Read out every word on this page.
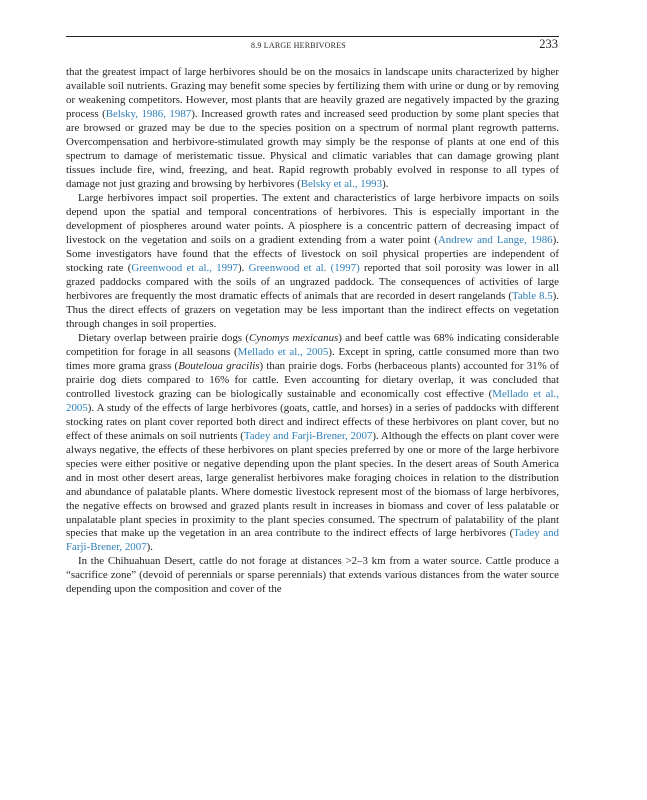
8.9 LARGE HERBIVORES	233

that the greatest impact of large herbivores should be on the mosaics in landscape units characterized by higher available soil nutrients. Grazing may benefit some species by fertilizing them with urine or dung or by removing or weakening competitors. However, most plants that are heavily grazed are negatively impacted by the grazing process (Belsky, 1986, 1987). Increased growth rates and increased seed production by some plant species that are browsed or grazed may be due to the species position on a spectrum of normal plant regrowth patterns. Overcompensation and herbivore-stimulated growth may simply be the response of plants at one end of this spectrum to damage of meristematic tissue. Physical and climatic variables that can damage growing plant tissues include fire, wind, freezing, and heat. Rapid regrowth probably evolved in response to all types of damage not just grazing and browsing by herbivores (Belsky et al., 1993).

Large herbivores impact soil properties. The extent and characteristics of large herbivore impacts on soils depend upon the spatial and temporal concentrations of herbivores. This is especially important in the development of piospheres around water points. A piosphere is a concentric pattern of decreasing impact of livestock on the vegetation and soils on a gradient extending from a water point (Andrew and Lange, 1986). Some investigators have found that the effects of livestock on soil physical properties are independent of stocking rate (Greenwood et al., 1997). Greenwood et al. (1997) reported that soil porosity was lower in all grazed paddocks compared with the soils of an ungrazed paddock. The consequences of activities of large herbivores are frequently the most dramatic effects of animals that are recorded in desert rangelands (Table 8.5). Thus the direct effects of grazers on vegetation may be less important than the indirect effects on vegetation through changes in soil properties.

Dietary overlap between prairie dogs (Cynomys mexicanus) and beef cattle was 68% indicating considerable competition for forage in all seasons (Mellado et al., 2005). Except in spring, cattle consumed more than two times more grama grass (Bouteloua gracilis) than prairie dogs. Forbs (herbaceous plants) accounted for 31% of prairie dog diets compared to 16% for cattle. Even accounting for dietary overlap, it was concluded that controlled livestock grazing can be biologically sustainable and economically cost effective (Mellado et al., 2005). A study of the effects of large herbivores (goats, cattle, and horses) in a series of paddocks with different stocking rates on plant cover reported both direct and indirect effects of these herbivores on plant cover, but no effect of these animals on soil nutrients (Tadey and Farji-Brener, 2007). Although the effects on plant cover were always negative, the effects of these herbivores on plant species preferred by one or more of the large herbivore species were either positive or negative depending upon the plant species. In the desert areas of South America and in most other desert areas, large generalist herbivores make foraging choices in relation to the distribution and abundance of palatable plants. Where domestic livestock represent most of the biomass of large herbivores, the negative effects on browsed and grazed plants result in increases in biomass and cover of less palatable or unpalatable plant species in proximity to the plant species consumed. The spectrum of palatability of the plant species that make up the vegetation in an area contribute to the indirect effects of large herbivores (Tadey and Farji-Brener, 2007).

In the Chihuahuan Desert, cattle do not forage at distances >2–3 km from a water source. Cattle produce a “sacrifice zone” (devoid of perennials or sparse perennials) that extends various distances from the water source depending upon the composition and cover of the
